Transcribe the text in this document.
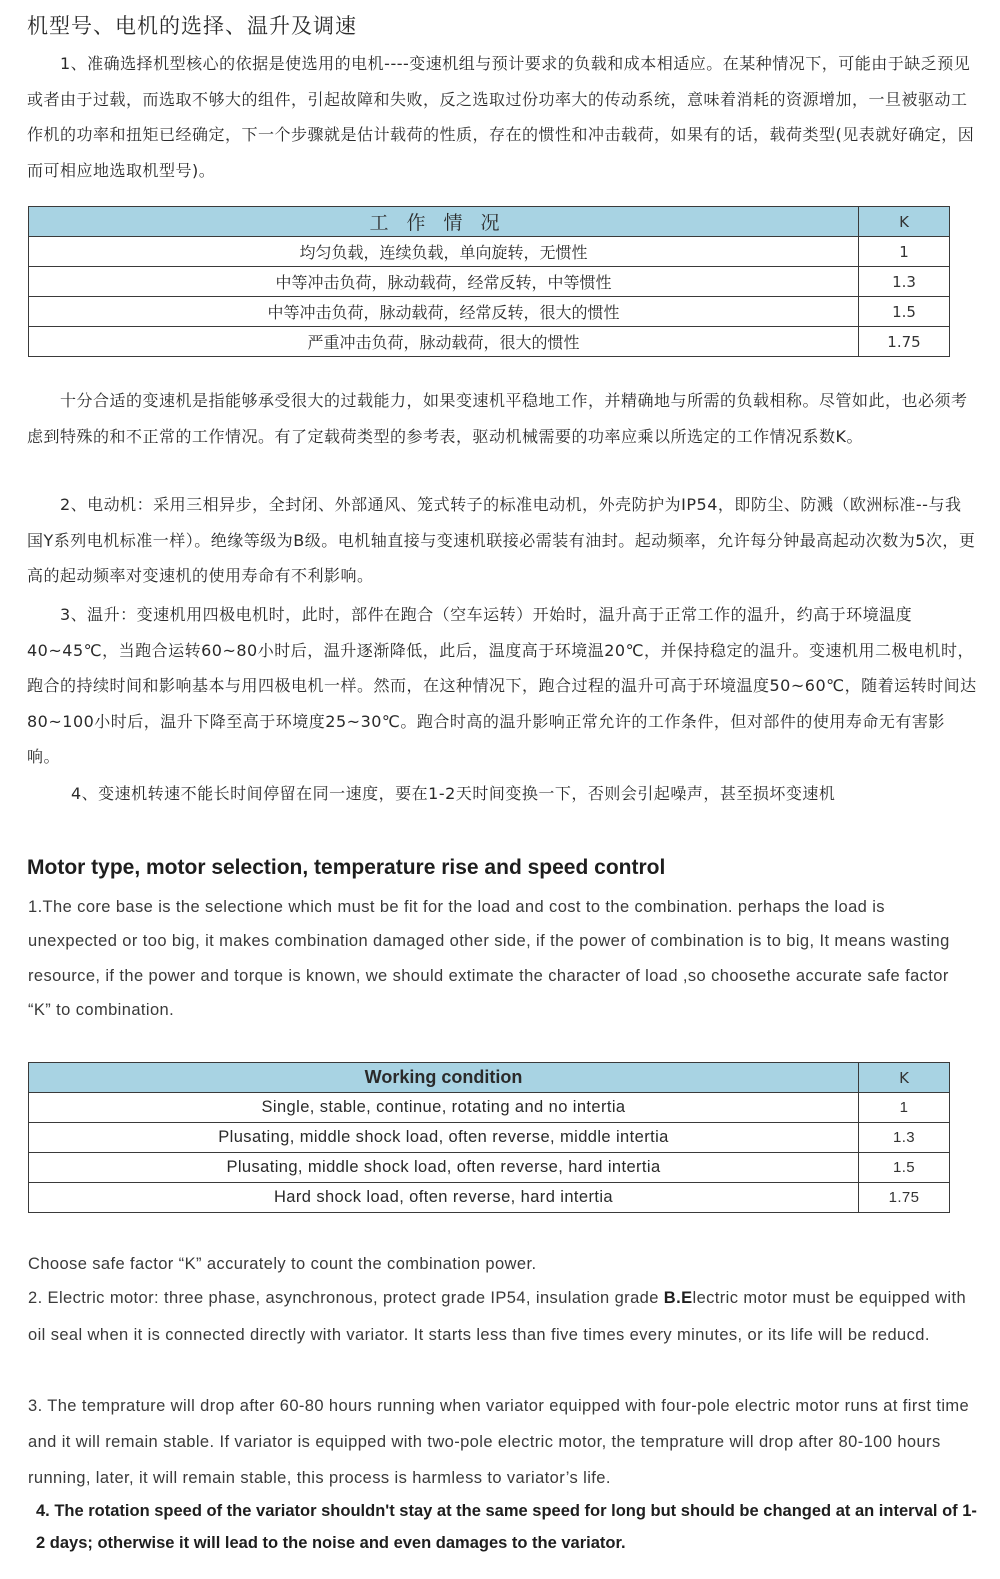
机型号、电机的选择、温升及调速

1、准确选择机型核心的依据是使选用的电机----变速机组与预计要求的负载和成本相适应。在某种情况下，可能由于缺乏预见或者由于过载，而选取不够大的组件，引起故障和失败，反之选取过份功率大的传动系统，意味着消耗的资源增加，一旦被驱动工作机的功率和扭矩已经确定，下一个步骤就是估计载荷的性质，存在的惯性和冲击载荷，如果有的话，载荷类型(见表就好确定，因而可相应地选取机型号)。

工作情况	K
均匀负载，连续负载，单向旋转，无惯性	1
中等冲击负荷，脉动载荷，经常反转，中等惯性	1.3
中等冲击负荷，脉动载荷，经常反转，很大的惯性	1.5
严重冲击负荷，脉动载荷，很大的惯性	1.75

十分合适的变速机是指能够承受很大的过载能力，如果变速机平稳地工作，并精确地与所需的负载相称。尽管如此，也必须考虑到特殊的和不正常的工作情况。有了定载荷类型的参考表，驱动机械需要的功率应乘以所选定的工作情况系数K。

2、电动机：采用三相异步，全封闭、外部通风、笼式转子的标准电动机，外壳防护为IP54，即防尘、防溅（欧洲标准--与我国Y系列电机标准一样）。绝缘等级为B级。电机轴直接与变速机联接必需装有油封。起动频率，允许每分钟最高起动次数为5次，更高的起动频率对变速机的使用寿命有不利影响。

3、温升：变速机用四极电机时，此时，部件在跑合（空车运转）开始时，温升高于正常工作的温升，约高于环境温度40~45℃，当跑合运转60~80小时后，温升逐渐降低，此后，温度高于环境温20℃，并保持稳定的温升。变速机用二极电机时，跑合的持续时间和影响基本与用四极电机一样。然而，在这种情况下，跑合过程的温升可高于环境温度50~60℃，随着运转时间达80~100小时后，温升下降至高于环境度25~30℃。跑合时高的温升影响正常允许的工作条件，但对部件的使用寿命无有害影响。

4、变速机转速不能长时间停留在同一速度，要在1-2天时间变换一下，否则会引起噪声，甚至损坏变速机

Motor type, motor selection, temperature rise and speed control

1.The core base is the selectione which must be fit for the load and cost to the combination. perhaps the load is unexpected or too big, it makes combination damaged other side, if the power of combination is to big, It means wasting resource, if the power and torque is known, we should extimate the character of load ,so choosethe accurate safe factor “K” to combination.

Working condition	K
Single, stable, continue, rotating and no intertia	1
Plusating, middle shock load, often reverse, middle intertia	1.3
Plusating, middle shock load, often reverse, hard intertia	1.5
Hard shock load, often reverse, hard intertia	1.75

Choose safe factor “K” accurately to count the combination power.

2. Electric motor: three phase, asynchronous, protect grade IP54, insulation grade B.Electric motor must be equipped with oil seal when it is connected directly with variator. It starts less than five times every minutes, or its life will be reducd.

3. The temprature will drop after 60-80 hours running when variator equipped with four-pole electric motor runs at first time and it will remain stable. If variator is equipped with two-pole electric motor, the temprature will drop after 80-100 hours running, later, it will remain stable, this process is harmless to variator’s life.

4. The rotation speed of the variator shouldn't stay at the same speed for long but should be changed at an interval of 1-2 days; otherwise it will lead to the noise and even damages to the variator.
